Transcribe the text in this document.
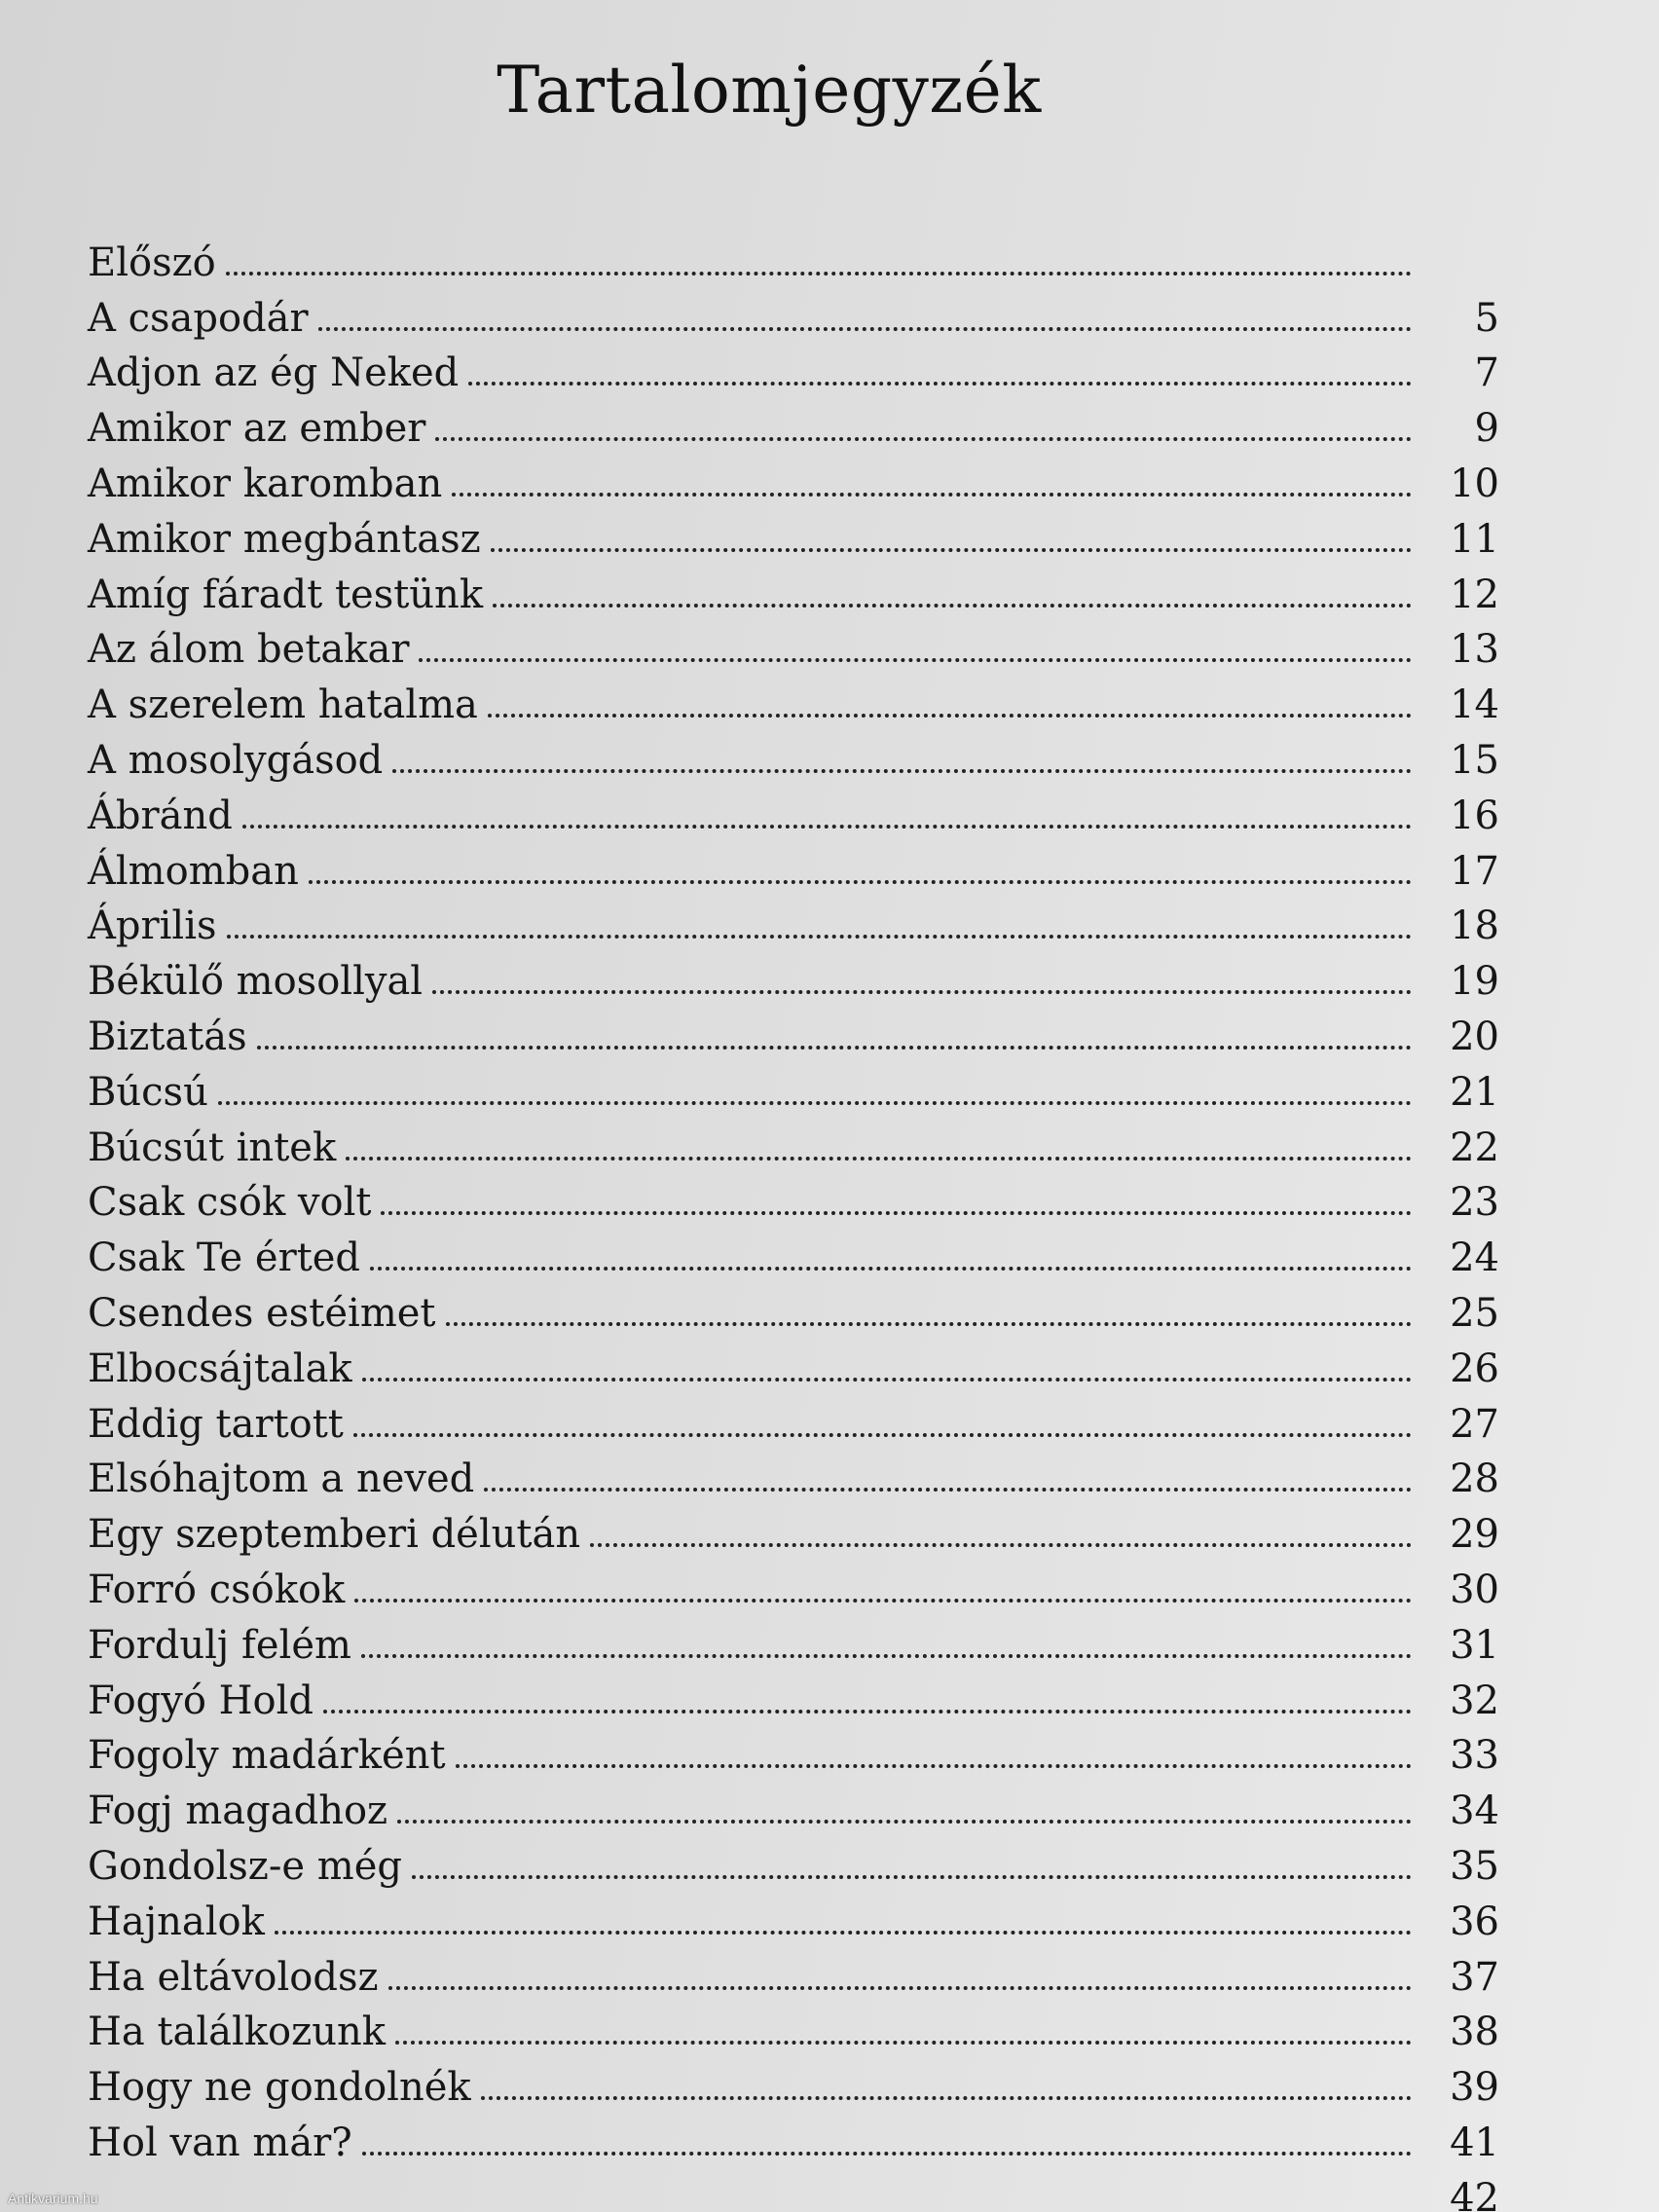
Tartalomjegyzék
Előszó
A csapodár	5
Adjon az ég Neked	7
Amikor az ember	9
Amikor karomban	10
Amikor megbántasz	11
Amíg fáradt testünk	12
Az álom betakar	13
A szerelem hatalma	14
A mosolygásod	15
Ábránd	16
Álmomban	17
Április	18
Békülő mosollyal	19
Biztatás	20
Búcsú	21
Búcsút intek	22
Csak csók volt	23
Csak Te érted	24
Csendes estéimet	25
Elbocsájtalak	26
Eddig tartott	27
Elsóhajtom a neved	28
Egy szeptemberi délután	29
Forró csókok	30
Fordulj felém	31
Fogyó Hold	32
Fogoly madárként	33
Fogj magadhoz	34
Gondolsz-e még	35
Hajnalok	36
Ha eltávolodsz	37
Ha találkozunk	38
Hogy ne gondolnék	39
Hol van már?	41
42
Antikvarium.hu
